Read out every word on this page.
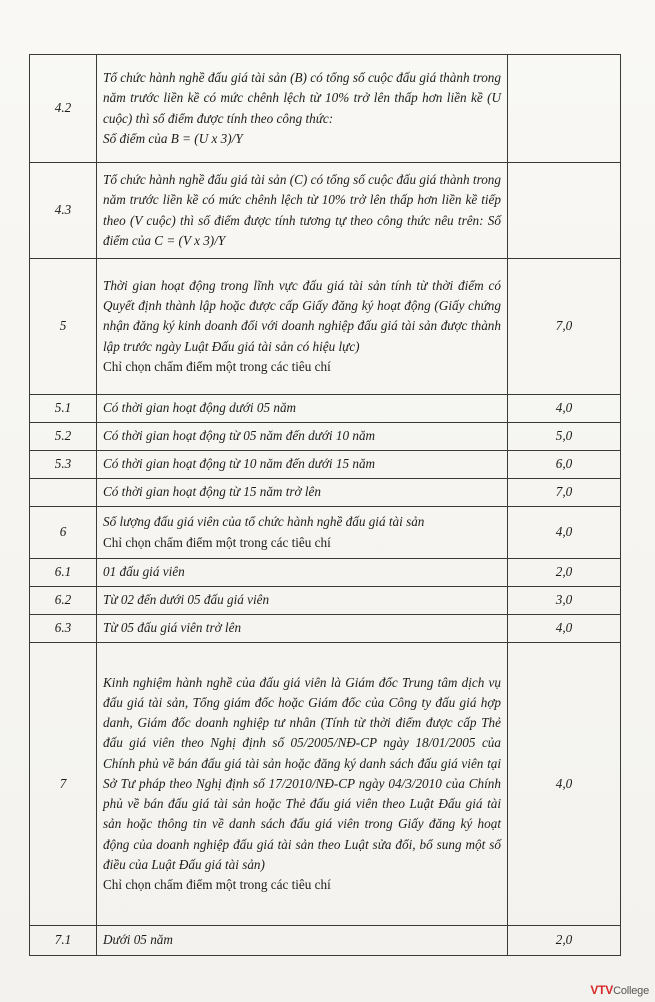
4.2	Tổ chức hành nghề đấu giá tài sản (B) có tổng số cuộc đấu giá thành trong năm trước liền kề có mức chênh lệch từ 10% trở lên thấp hơn liền kề (U cuộc) thì số điểm được tính theo công thức:
Số điểm của B = (U x 3)/Y	

4.3	Tổ chức hành nghề đấu giá tài sản (C) có tổng số cuộc đấu giá thành trong năm trước liền kề có mức chênh lệch từ 10% trở lên thấp hơn liền kề tiếp theo (V cuộc) thì số điểm được tính tương tự theo công thức nêu trên: Số điểm của C = (V x 3)/Y	

5	Thời gian hoạt động trong lĩnh vực đấu giá tài sản tính từ thời điểm có Quyết định thành lập hoặc được cấp Giấy đăng ký hoạt động (Giấy chứng nhận đăng ký kinh doanh đối với doanh nghiệp đấu giá tài sản được thành lập trước ngày Luật Đấu giá tài sản có hiệu lực)
Chỉ chọn chấm điểm một trong các tiêu chí	7,0
5.1	Có thời gian hoạt động dưới 05 năm	4,0
5.2	Có thời gian hoạt động từ 05 năm đến dưới 10 năm	5,0
5.3	Có thời gian hoạt động từ 10 năm đến dưới 15 năm	6,0

	Có thời gian hoạt động từ 15 năm trở lên	7,0
6	Số lượng đấu giá viên của tổ chức hành nghề đấu giá tài sản
Chỉ chọn chấm điểm một trong các tiêu chí	4,0
6.1	01 đấu giá viên	2,0
6.2	Từ 02 đến dưới 05 đấu giá viên	3,0
6.3	Từ 05 đấu giá viên trở lên	4,0
7	Kinh nghiệm hành nghề của đấu giá viên là Giám đốc Trung tâm dịch vụ đấu giá tài sản, Tổng giám đốc hoặc Giám đốc của Công ty đấu giá hợp danh, Giám đốc doanh nghiệp tư nhân (Tính từ thời điểm được cấp Thẻ đấu giá viên theo Nghị định số 05/2005/NĐ-CP ngày 18/01/2005 của Chính phủ về bán đấu giá tài sản hoặc đăng ký danh sách đấu giá viên tại Sở Tư pháp theo Nghị định số 17/2010/NĐ-CP ngày 04/3/2010 của Chính phủ về bán đấu giá tài sản hoặc Thẻ đấu giá viên theo Luật Đấu giá tài sản hoặc thông tin về danh sách đấu giá viên trong Giấy đăng ký hoạt động của doanh nghiệp đấu giá tài sản theo Luật sửa đổi, bổ sung một số điều của Luật Đấu giá tài sản)
Chỉ chọn chấm điểm một trong các tiêu chí	4,0
7.1	Dưới 05 năm	2,0
VTVCollege
